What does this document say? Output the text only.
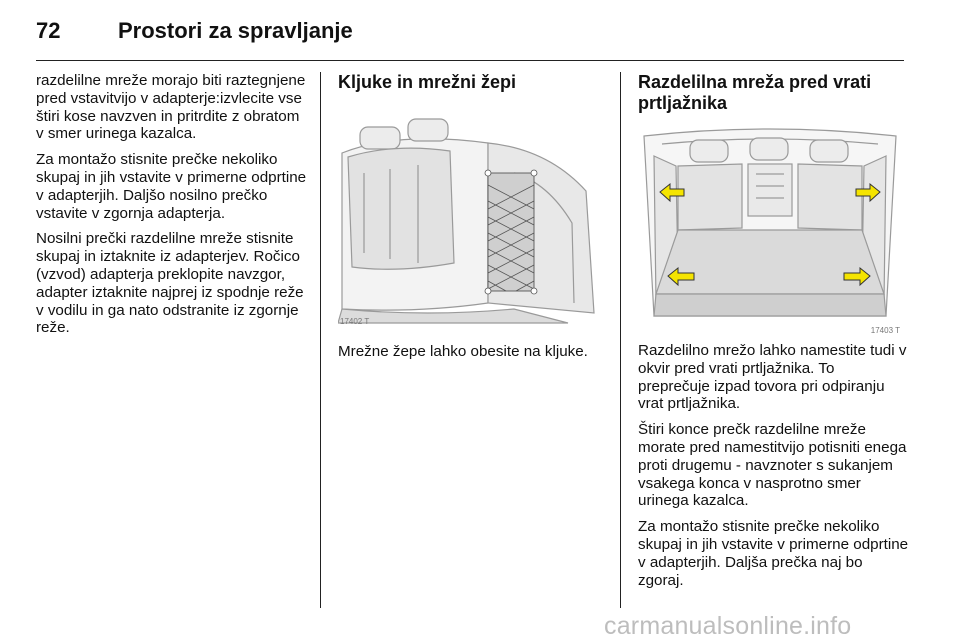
72	Prostori za spravljanje

razdelilne mreže morajo biti raztegnjene pred vstavitvijo v adapterje:izvlecite vse štiri kose navzven in pritrdite z obratom v smer urinega kazalca.

Za montažo stisnite prečke nekoliko skupaj in jih vstavite v primerne odprtine v adapterjih. Daljšo nosilno prečko vstavite v zgornja adapterja.

Nosilni prečki razdelilne mreže stisnite skupaj in iztaknite iz adapterjev. Ročico (vzvod) adapterja preklopite navzgor, adapter iztaknite najprej iz spodnje reže v vodilu in ga nato odstranite iz zgornje reže.

Kljuke in mrežni žepi
17402 T

Mrežne žepe lahko obesite na kljuke.

Razdelilna mreža pred vrati prtljažnika
17403 T

Razdelilno mrežo lahko namestite tudi v okvir pred vrati prtljažnika. To preprečuje izpad tovora pri odpiranju vrat prtljažnika.

Štiri konce prečk razdelilne mreže morate pred namestitvijo potisniti enega proti drugemu - navznoter s sukanjem vsakega konca v nasprotno smer urinega kazalca.

Za montažo stisnite prečke nekoliko skupaj in jih vstavite v primerne odprtine v adapterjih. Daljša prečka naj bo zgoraj.

carmanualsonline.info
